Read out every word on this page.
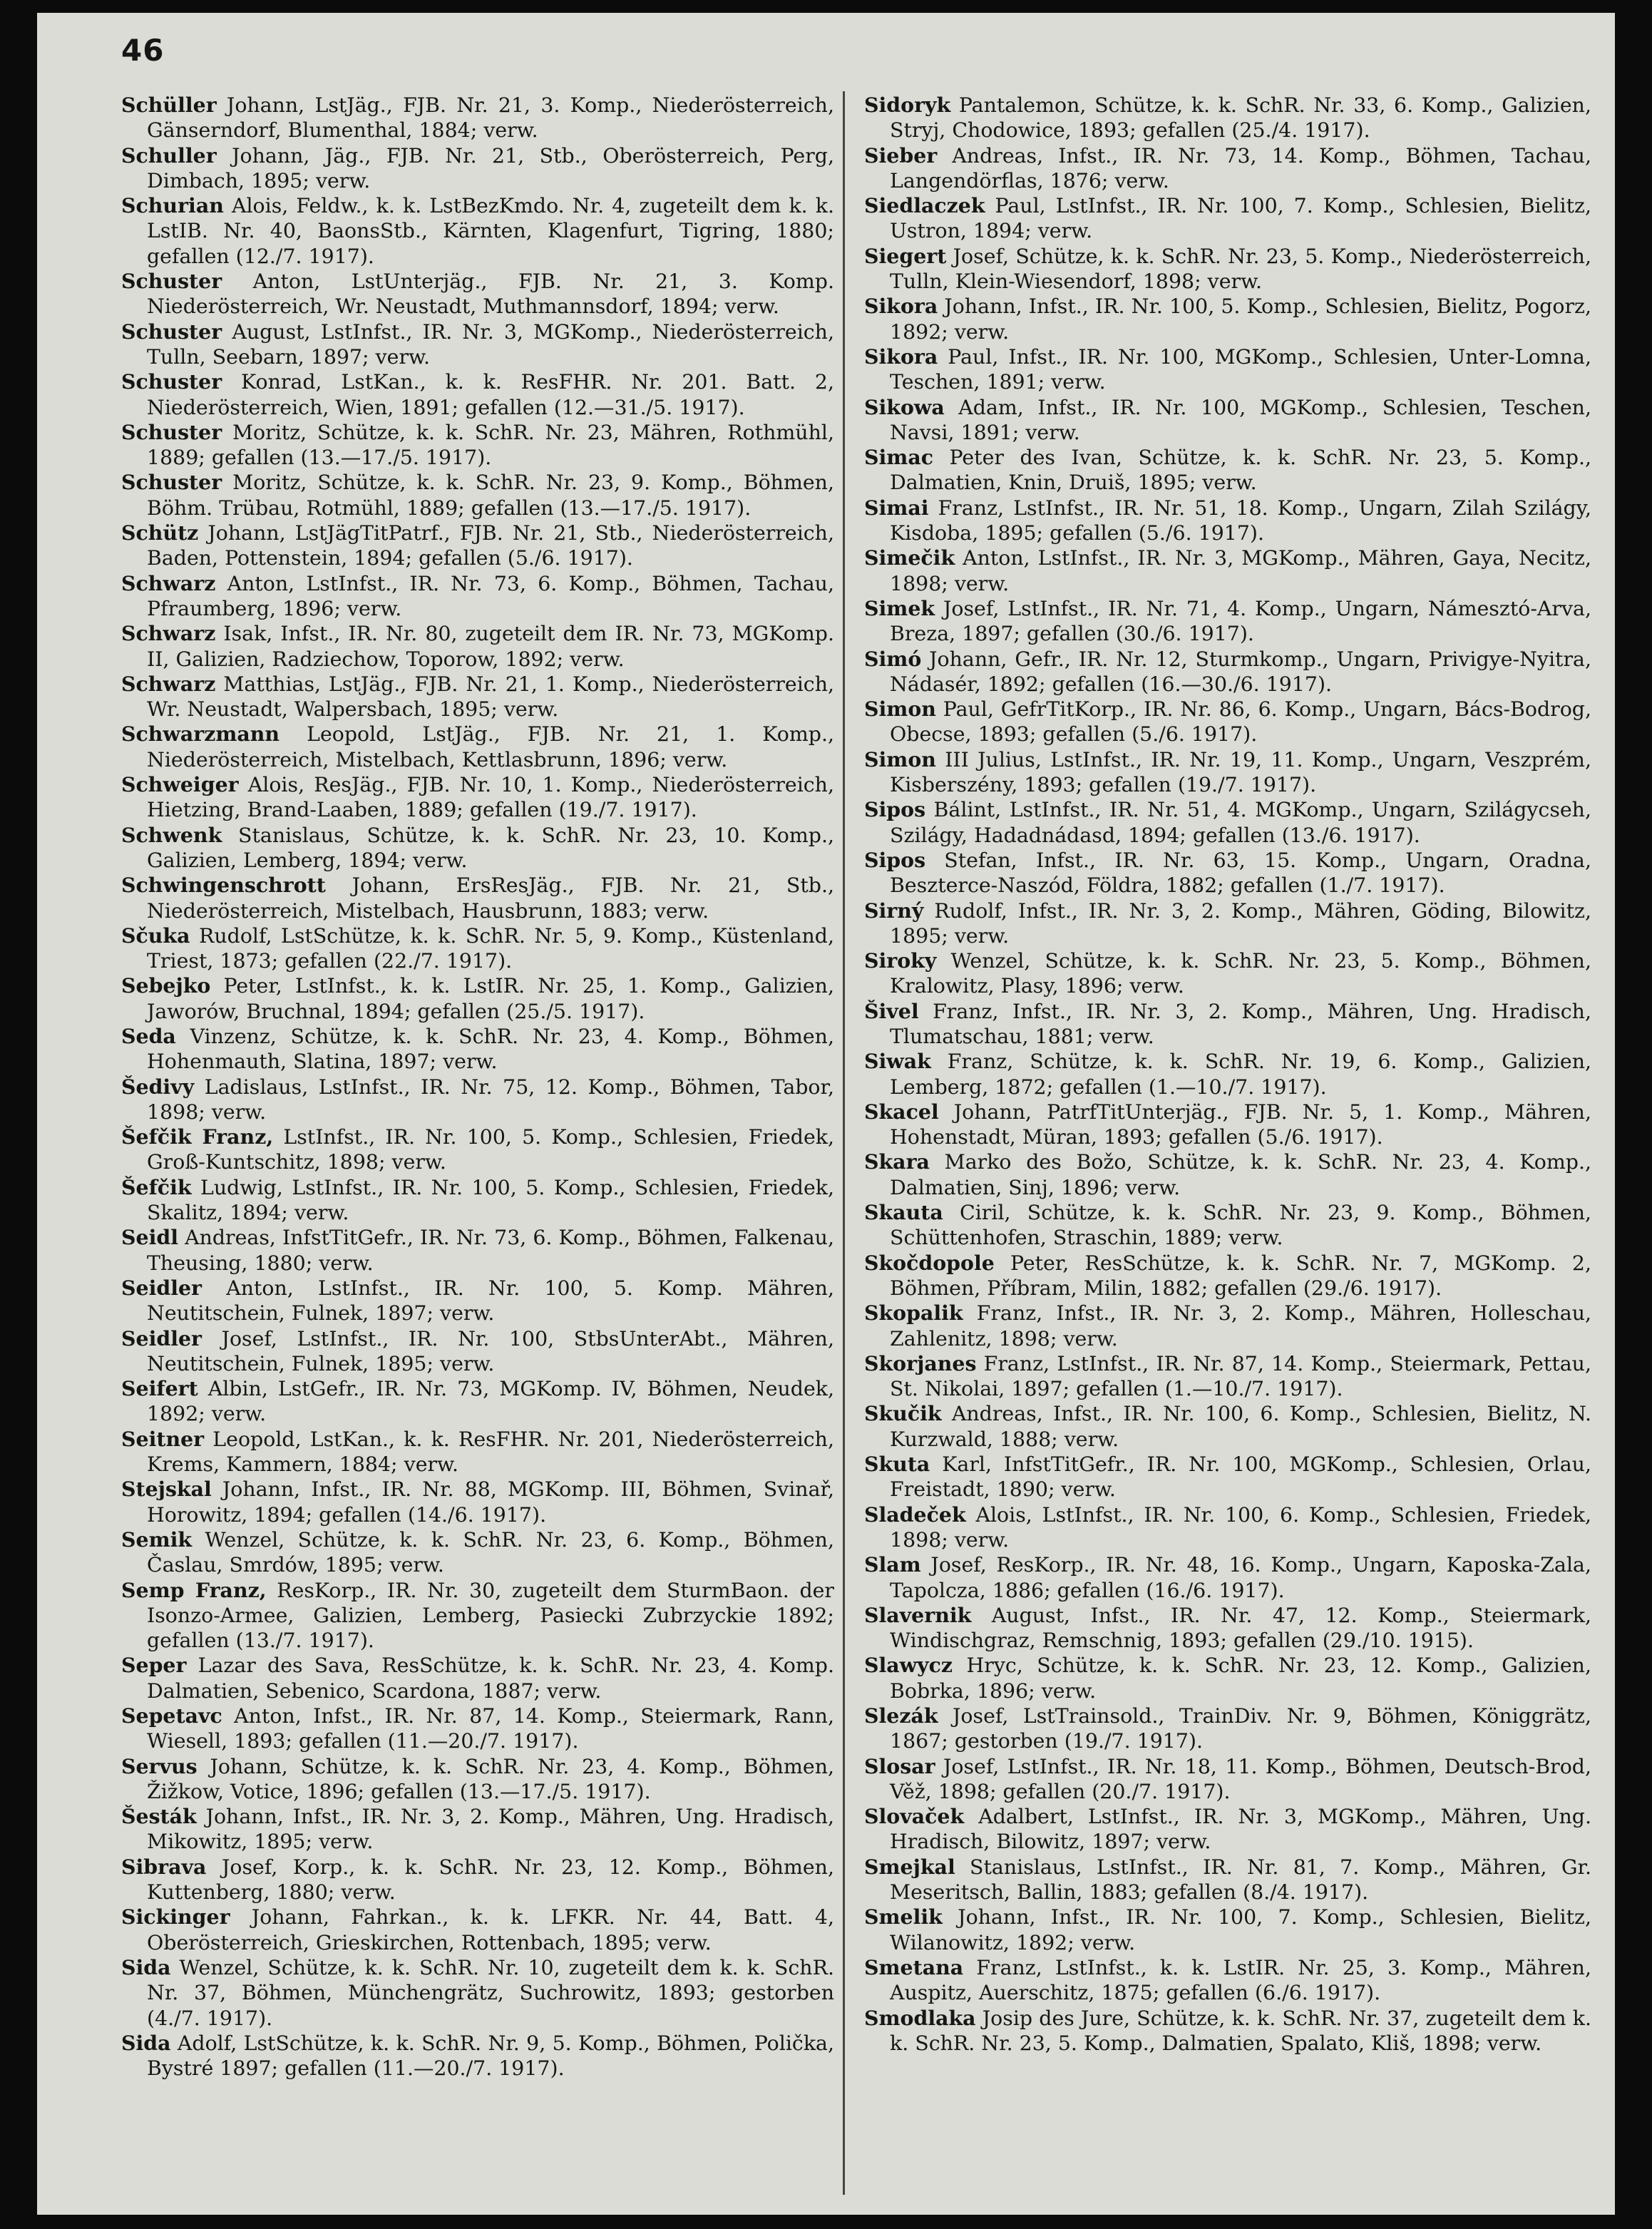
46

Schüller Johann, LstJäg., FJB. Nr. 21, 3. Komp., Niederösterreich, Gänserndorf, Blumenthal, 1884; verw.

Schuller Johann, Jäg., FJB. Nr. 21, Stb., Oberösterreich, Perg, Dimbach, 1895; verw.

Schurian Alois, Feldw., k. k. LstBezKmdo. Nr. 4, zugeteilt dem k. k. LstIB. Nr. 40, BaonsStb., Kärnten, Klagenfurt, Tigring, 1880; gefallen (12./7. 1917).

Schuster Anton, LstUnterjäg., FJB. Nr. 21, 3. Komp. Niederösterreich, Wr. Neustadt, Muthmannsdorf, 1894; verw.

Schuster August, LstInfst., IR. Nr. 3, MGKomp., Niederösterreich, Tulln, Seebarn, 1897; verw.

Schuster Konrad, LstKan., k. k. ResFHR. Nr. 201. Batt. 2, Niederösterreich, Wien, 1891; gefallen (12.—31./5. 1917).

Schuster Moritz, Schütze, k. k. SchR. Nr. 23, Mähren, Rothmühl, 1889; gefallen (13.—17./5. 1917).

Schuster Moritz, Schütze, k. k. SchR. Nr. 23, 9. Komp., Böhmen, Böhm. Trübau, Rotmühl, 1889; gefallen (13.—17./5. 1917).

Schütz Johann, LstJägTitPatrf., FJB. Nr. 21, Stb., Niederösterreich, Baden, Pottenstein, 1894; gefallen (5./6. 1917).

Schwarz Anton, LstInfst., IR. Nr. 73, 6. Komp., Böhmen, Tachau, Pfraumberg, 1896; verw.

Schwarz Isak, Infst., IR. Nr. 80, zugeteilt dem IR. Nr. 73, MGKomp. II, Galizien, Radziechow, Toporow, 1892; verw.

Schwarz Matthias, LstJäg., FJB. Nr. 21, 1. Komp., Niederösterreich, Wr. Neustadt, Walpersbach, 1895; verw.

Schwarzmann Leopold, LstJäg., FJB. Nr. 21, 1. Komp., Niederösterreich, Mistelbach, Kettlasbrunn, 1896; verw.

Schweiger Alois, ResJäg., FJB. Nr. 10, 1. Komp., Niederösterreich, Hietzing, Brand-Laaben, 1889; gefallen (19./7. 1917).

Schwenk Stanislaus, Schütze, k. k. SchR. Nr. 23, 10. Komp., Galizien, Lemberg, 1894; verw.

Schwingenschrott Johann, ErsResJäg., FJB. Nr. 21, Stb., Niederösterreich, Mistelbach, Hausbrunn, 1883; verw.

Sčuka Rudolf, LstSchütze, k. k. SchR. Nr. 5, 9. Komp., Küstenland, Triest, 1873; gefallen (22./7. 1917).

Sebejko Peter, LstInfst., k. k. LstIR. Nr. 25, 1. Komp., Galizien, Jaworów, Bruchnal, 1894; gefallen (25./5. 1917).

Seda Vinzenz, Schütze, k. k. SchR. Nr. 23, 4. Komp., Böhmen, Hohenmauth, Slatina, 1897; verw.

Šedivy Ladislaus, LstInfst., IR. Nr. 75, 12. Komp., Böhmen, Tabor, 1898; verw.

Šefčik Franz, LstInfst., IR. Nr. 100, 5. Komp., Schlesien, Friedek, Groß-Kuntschitz, 1898; verw.

Šefčik Ludwig, LstInfst., IR. Nr. 100, 5. Komp., Schlesien, Friedek, Skalitz, 1894; verw.

Seidl Andreas, InfstTitGefr., IR. Nr. 73, 6. Komp., Böhmen, Falkenau, Theusing, 1880; verw.

Seidler Anton, LstInfst., IR. Nr. 100, 5. Komp. Mähren, Neutitschein, Fulnek, 1897; verw.

Seidler Josef, LstInfst., IR. Nr. 100, StbsUnterAbt., Mähren, Neutitschein, Fulnek, 1895; verw.

Seifert Albin, LstGefr., IR. Nr. 73, MGKomp. IV, Böhmen, Neudek, 1892; verw.

Seitner Leopold, LstKan., k. k. ResFHR. Nr. 201, Niederösterreich, Krems, Kammern, 1884; verw.

Stejskal Johann, Infst., IR. Nr. 88, MGKomp. III, Böhmen, Svinař, Horowitz, 1894; gefallen (14./6. 1917).

Semik Wenzel, Schütze, k. k. SchR. Nr. 23, 6. Komp., Böhmen, Časlau, Smrdów, 1895; verw.

Semp Franz, ResKorp., IR. Nr. 30, zugeteilt dem SturmBaon. der Isonzo-Armee, Galizien, Lemberg, Pasiecki Zubrzyckie 1892; gefallen (13./7. 1917).

Seper Lazar des Sava, ResSchütze, k. k. SchR. Nr. 23, 4. Komp. Dalmatien, Sebenico, Scardona, 1887; verw.

Sepetavc Anton, Infst., IR. Nr. 87, 14. Komp., Steiermark, Rann, Wiesell, 1893; gefallen (11.—20./7. 1917).

Servus Johann, Schütze, k. k. SchR. Nr. 23, 4. Komp., Böhmen, Žižkow, Votice, 1896; gefallen (13.—17./5. 1917).

Šesták Johann, Infst., IR. Nr. 3, 2. Komp., Mähren, Ung. Hradisch, Mikowitz, 1895; verw.

Sibrava Josef, Korp., k. k. SchR. Nr. 23, 12. Komp., Böhmen, Kuttenberg, 1880; verw.

Sickinger Johann, Fahrkan., k. k. LFKR. Nr. 44, Batt. 4, Oberösterreich, Grieskirchen, Rottenbach, 1895; verw.

Sida Wenzel, Schütze, k. k. SchR. Nr. 10, zugeteilt dem k. k. SchR. Nr. 37, Böhmen, Münchengrätz, Suchrowitz, 1893; gestorben (4./7. 1917).

Sida Adolf, LstSchütze, k. k. SchR. Nr. 9, 5. Komp., Böhmen, Polička, Bystré 1897; gefallen (11.—20./7. 1917).

Sidoryk Pantalemon, Schütze, k. k. SchR. Nr. 33, 6. Komp., Galizien, Stryj, Chodowice, 1893; gefallen (25./4. 1917).

Sieber Andreas, Infst., IR. Nr. 73, 14. Komp., Böhmen, Tachau, Langendörflas, 1876; verw.

Siedlaczek Paul, LstInfst., IR. Nr. 100, 7. Komp., Schlesien, Bielitz, Ustron, 1894; verw.

Siegert Josef, Schütze, k. k. SchR. Nr. 23, 5. Komp., Niederösterreich, Tulln, Klein-Wiesendorf, 1898; verw.

Sikora Johann, Infst., IR. Nr. 100, 5. Komp., Schlesien, Bielitz, Pogorz, 1892; verw.

Sikora Paul, Infst., IR. Nr. 100, MGKomp., Schlesien, Unter-Lomna, Teschen, 1891; verw.

Sikowa Adam, Infst., IR. Nr. 100, MGKomp., Schlesien, Teschen, Navsi, 1891; verw.

Simac Peter des Ivan, Schütze, k. k. SchR. Nr. 23, 5. Komp., Dalmatien, Knin, Druiš, 1895; verw.

Simai Franz, LstInfst., IR. Nr. 51, 18. Komp., Ungarn, Zilah Szilágy, Kisdoba, 1895; gefallen (5./6. 1917).

Simečik Anton, LstInfst., IR. Nr. 3, MGKomp., Mähren, Gaya, Necitz, 1898; verw.

Simek Josef, LstInfst., IR. Nr. 71, 4. Komp., Ungarn, Námesztó-Arva, Breza, 1897; gefallen (30./6. 1917).

Simó Johann, Gefr., IR. Nr. 12, Sturmkomp., Ungarn, Privigye-Nyitra, Nádasér, 1892; gefallen (16.—30./6. 1917).

Simon Paul, GefrTitKorp., IR. Nr. 86, 6. Komp., Ungarn, Bács-Bodrog, Obecse, 1893; gefallen (5./6. 1917).

Simon III Julius, LstInfst., IR. Nr. 19, 11. Komp., Ungarn, Veszprém, Kisberszény, 1893; gefallen (19./7. 1917).

Sipos Bálint, LstInfst., IR. Nr. 51, 4. MGKomp., Ungarn, Szilágycseh, Szilágy, Hadadnádasd, 1894; gefallen (13./6. 1917).

Sipos Stefan, Infst., IR. Nr. 63, 15. Komp., Ungarn, Oradna, Beszterce-Naszód, Földra, 1882; gefallen (1./7. 1917).

Sirný Rudolf, Infst., IR. Nr. 3, 2. Komp., Mähren, Göding, Bilowitz, 1895; verw.

Siroky Wenzel, Schütze, k. k. SchR. Nr. 23, 5. Komp., Böhmen, Kralowitz, Plasy, 1896; verw.

Šivel Franz, Infst., IR. Nr. 3, 2. Komp., Mähren, Ung. Hradisch, Tlumatschau, 1881; verw.

Siwak Franz, Schütze, k. k. SchR. Nr. 19, 6. Komp., Galizien, Lemberg, 1872; gefallen (1.—10./7. 1917).

Skacel Johann, PatrfTitUnterjäg., FJB. Nr. 5, 1. Komp., Mähren, Hohenstadt, Müran, 1893; gefallen (5./6. 1917).

Skara Marko des Božo, Schütze, k. k. SchR. Nr. 23, 4. Komp., Dalmatien, Sinj, 1896; verw.

Skauta Ciril, Schütze, k. k. SchR. Nr. 23, 9. Komp., Böhmen, Schüttenhofen, Straschin, 1889; verw.

Skočdopole Peter, ResSchütze, k. k. SchR. Nr. 7, MGKomp. 2, Böhmen, Příbram, Milin, 1882; gefallen (29./6. 1917).

Skopalik Franz, Infst., IR. Nr. 3, 2. Komp., Mähren, Holleschau, Zahlenitz, 1898; verw.

Skorjanes Franz, LstInfst., IR. Nr. 87, 14. Komp., Steiermark, Pettau, St. Nikolai, 1897; gefallen (1.—10./7. 1917).

Skučik Andreas, Infst., IR. Nr. 100, 6. Komp., Schlesien, Bielitz, N. Kurzwald, 1888; verw.

Skuta Karl, InfstTitGefr., IR. Nr. 100, MGKomp., Schlesien, Orlau, Freistadt, 1890; verw.

Sladeček Alois, LstInfst., IR. Nr. 100, 6. Komp., Schlesien, Friedek, 1898; verw.

Slam Josef, ResKorp., IR. Nr. 48, 16. Komp., Ungarn, Kaposka-Zala, Tapolcza, 1886; gefallen (16./6. 1917).

Slavernik August, Infst., IR. Nr. 47, 12. Komp., Steiermark, Windischgraz, Remschnig, 1893; gefallen (29./10. 1915).

Slawycz Hryc, Schütze, k. k. SchR. Nr. 23, 12. Komp., Galizien, Bobrka, 1896; verw.

Slezák Josef, LstTrainsold., TrainDiv. Nr. 9, Böhmen, Königgrätz, 1867; gestorben (19./7. 1917).

Slosar Josef, LstInfst., IR. Nr. 18, 11. Komp., Böhmen, Deutsch-Brod, Věž, 1898; gefallen (20./7. 1917).

Slovaček Adalbert, LstInfst., IR. Nr. 3, MGKomp., Mähren, Ung. Hradisch, Bilowitz, 1897; verw.

Smejkal Stanislaus, LstInfst., IR. Nr. 81, 7. Komp., Mähren, Gr. Meseritsch, Ballin, 1883; gefallen (8./4. 1917).

Smelik Johann, Infst., IR. Nr. 100, 7. Komp., Schlesien, Bielitz, Wilanowitz, 1892; verw.

Smetana Franz, LstInfst., k. k. LstIR. Nr. 25, 3. Komp., Mähren, Auspitz, Auerschitz, 1875; gefallen (6./6. 1917).

Smodlaka Josip des Jure, Schütze, k. k. SchR. Nr. 37, zugeteilt dem k. k. SchR. Nr. 23, 5. Komp., Dalmatien, Spalato, Kliš, 1898; verw.
